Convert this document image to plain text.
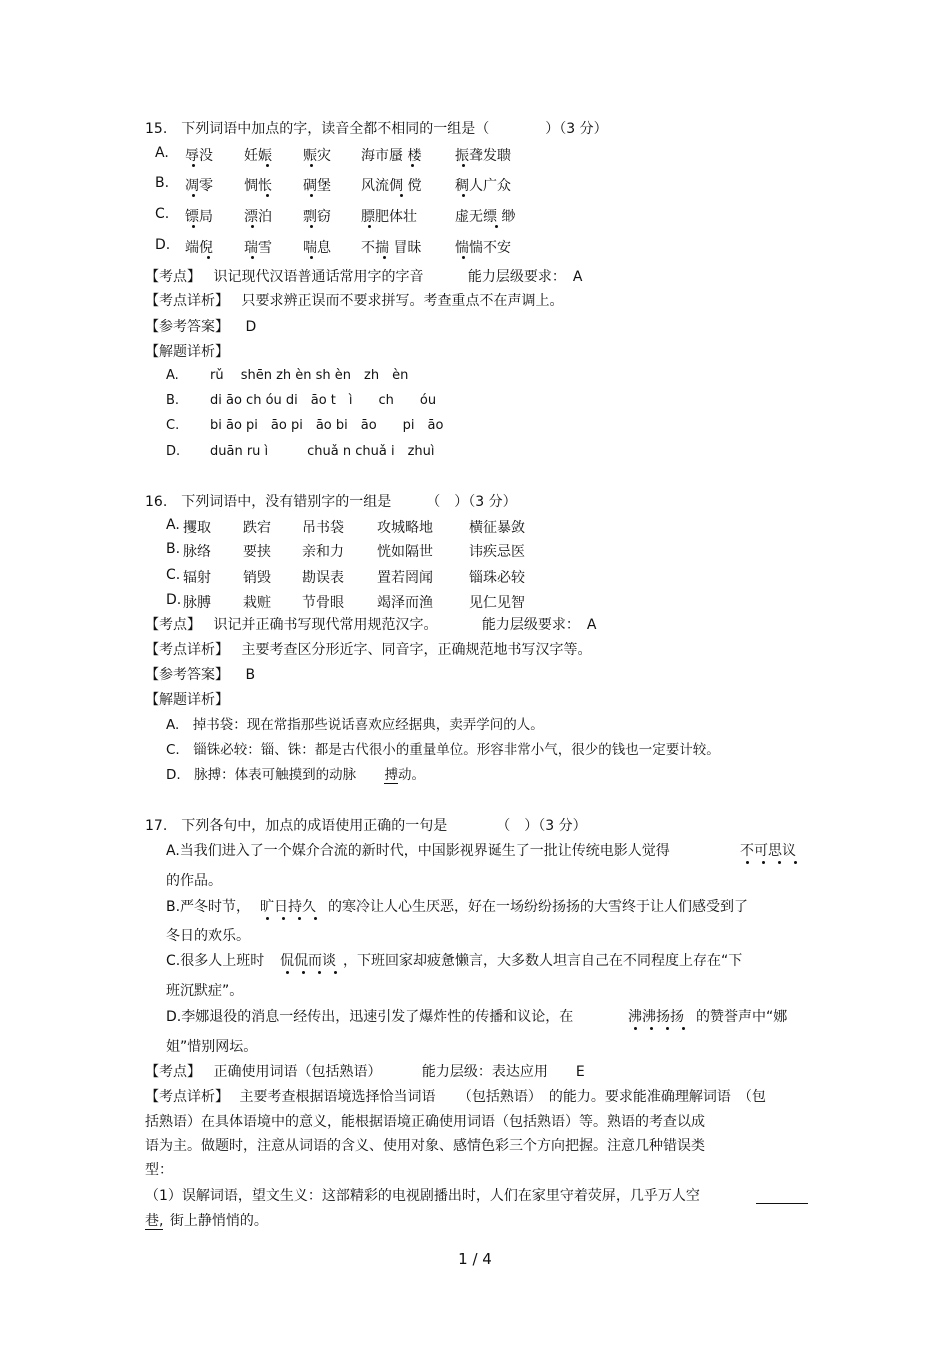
15.　下列词语中加点的字，读音全都不相同的一组是（　　　　）（3 分）
A. 辱没 妊娠 赈灾 海市蜃 楼 振聋发聩
B. 凋零 惆怅 碉堡 风流倜 傥 稠人广众
C. 镖局 漂泊 剽窃 膘肥体壮	虚无缥 缈
D. 端倪 瑞雪 喘息 不揣 冒昧 惴惴不安
【考点】 识记现代汉语普通话常用字的字音	能力层级要求：　A
【考点详析】 只要求辨正误而不要求拼写。考查重点不在声调上。
【参考答案】 D
【解题详析】
A. rǔ　 shēn zh èn sh èn　zh　èn
B. di āo ch óu di　āo t　ì　　ch　　óu
C. bi āo pi　āo pi　āo bi　āo　　pi　āo
D. duān ru ì　　　chuǎ n chuǎ i　zhuì
16.　下列词语中，没有错别字的一组是　　　（　）（3 分）
A. 攫取 跌宕 吊书袋 攻城略地	横征暴敛
B. 脉络 要挟 亲和力 恍如隔世	讳疾忌医
C. 辐射 销毁 勘误表 置若罔闻	锱珠必较
D. 脉膊 栽赃 节骨眼 竭泽而渔	见仁见智
【考点】 识记并正确书写现代常用规范汉字。	能力层级要求：　A
【考点详析】 主要考查区分形近字、同音字，正确规范地书写汉字等。
【参考答案】 B
【解题详析】
A.　掉书袋：现在常指那些说话喜欢应经据典，卖弄学问的人。
C.　锱铢必较：锱、铢：都是古代很小的重量单位。形容非常小气，很少的钱也一定要计较。
D.　脉搏：体表可触摸到的动脉 搏动。
17.　下列各句中，加点的成语使用正确的一句是　　　　（　）（3 分）
A.当我们进入了一个媒介合流的新时代，中国影视界诞生了一批让传统电影人觉得	不可思议
的作品。
B.严冬时节， 旷日持久 的寒冷让人心生厌恶，好在一场纷纷扬扬的大雪终于让人们感受到了
冬日的欢乐。
C.很多人上班时 侃侃而谈 ，下班回家却疲惫懒言，大多数人坦言自己在不同程度上存在“下
班沉默症”。
D.李娜退役的消息一经传出，迅速引发了爆炸性的传播和议论，在	沸沸扬扬 的赞誉声中“娜
姐”惜别网坛。
【考点】 正确使用词语（包括熟语）	能力层级：表达应用　　E
【考点详析】 主要考查根据语境选择恰当词语 （包括熟语）　的能力。要求能准确理解词语　（包
括熟语）在具体语境中的意义，能根据语境正确使用词语（包括熟语）等。熟语的考查以成
语为主。做题时，注意从词语的含义、使用对象、感情色彩三个方向把握。注意几种错误类
型：
（1）误解词语，望文生义：这部精彩的电视剧播出时，人们在家里守着荧屏，几乎万人空
巷, 街上静悄悄的。
1 / 4
